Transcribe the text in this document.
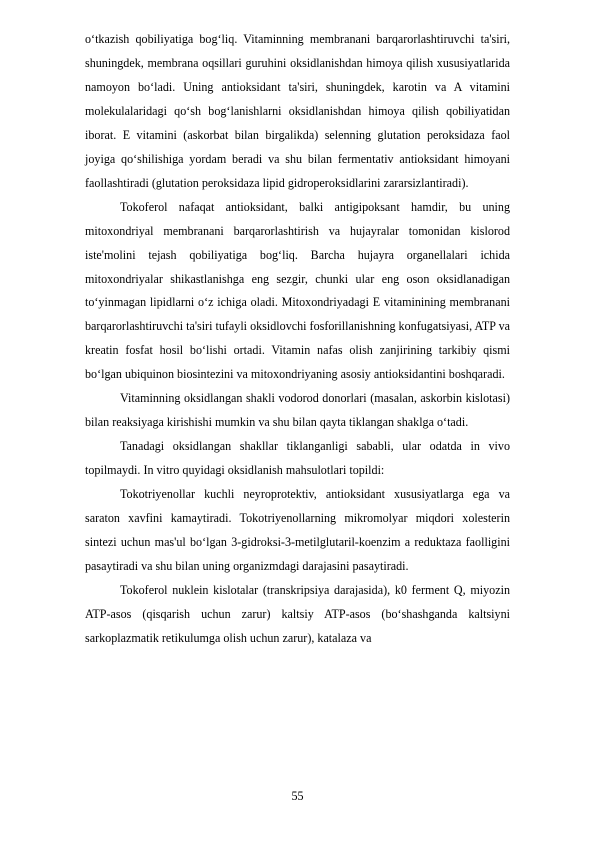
o‘tkazish qobiliyatiga bog‘liq. Vitaminning membranani barqarorlashtiruvchi ta'siri, shuningdek, membrana oqsillari guruhini oksidlanishdan himoya qilish xususiyatlarida namoyon bo‘ladi. Uning antioksidant ta'siri, shuningdek, karotin va A vitamini molekulalaridagi qo‘sh bog‘lanishlarni oksidlanishdan himoya qilish qobiliyatidan iborat. E vitamini (askorbat bilan birgalikda) selenning glutation peroksidaza faol joyiga qo‘shilishiga yordam beradi va shu bilan fermentativ antioksidant himoyani faollashtiradi (glutation peroksidaza lipid gidroperoksidlarini zararsizlantiradi).

Tokoferol nafaqat antioksidant, balki antigipoksant hamdir, bu uning mitoxondriyal membranani barqarorlashtirish va hujayralar tomonidan kislorod iste'molini tejash qobiliyatiga bog‘liq. Barcha hujayra organellalari ichida mitoxondriyalar shikastlanishga eng sezgir, chunki ular eng oson oksidlanadigan to‘yinmagan lipidlarni o‘z ichiga oladi. Mitoxondriyadagi E vitaminining membranani barqarorlashtiruvchi ta'siri tufayli oksidlovchi fosforillanishning konfugatsiyasi, ATP va kreatin fosfat hosil bo‘lishi ortadi. Vitamin nafas olish zanjirining tarkibiy qismi bo‘lgan ubiquinon biosintezini va mitoxondriyaning asosiy antioksidantini boshqaradi.

Vitaminning oksidlangan shakli vodorod donorlari (masalan, askorbin kislotasi) bilan reaksiyaga kirishishi mumkin va shu bilan qayta tiklangan shaklga o‘tadi.

Tanadagi oksidlangan shakllar tiklanganligi sababli, ular odatda in vivo topilmaydi. In vitro quyidagi oksidlanish mahsulotlari topildi:

Tokotriyenollar kuchli neyroprotektiv, antioksidant xususiyatlarga ega va saraton xavfini kamaytiradi. Tokotriyenollarning mikromolyar miqdori xolesterin sintezi uchun mas'ul bo‘lgan 3-gidroksi-3-metilglutaril-koenzim a reduktaza faolligini pasaytiradi va shu bilan uning organizmdagi darajasini pasaytiradi.

Tokoferol nuklein kislotalar (transkripsiya darajasida), k0 ferment Q, miyozin ATP-asos (qisqarish uchun zarur) kaltsiy ATP-asos (bo‘shashganda kaltsiyni sarkoplazmatik retikulumga olish uchun zarur), katalaza va

55
